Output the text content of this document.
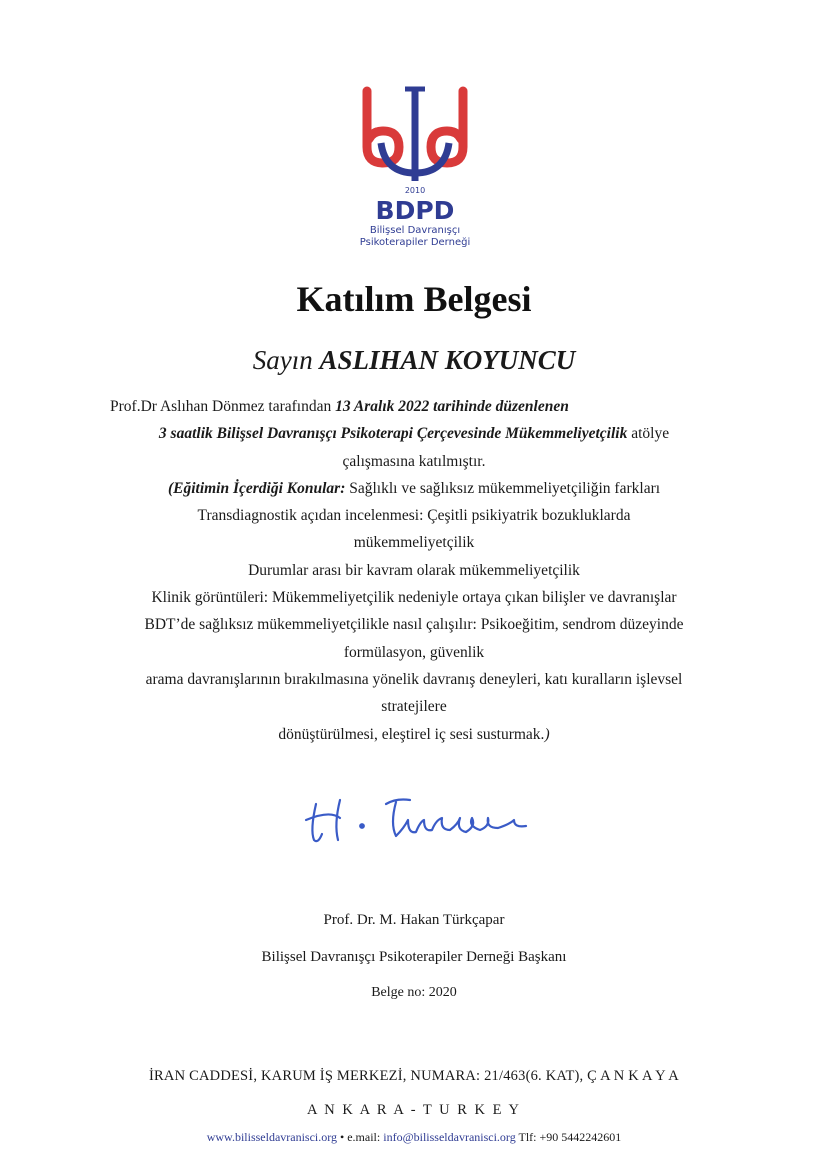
2010
BDPD
Bilişsel Davranışçı
Psikoterapiler Derneği
Katılım Belgesi
Sayın ASLIHAN KOYUNCU
Prof.Dr Aslıhan Dönmez tarafından 13 Aralık 2022 tarihinde düzenlenen
3 saatlik Bilişsel Davranışçı Psikoterapi Çerçevesinde Mükemmeliyetçilik atölye
çalışmasına katılmıştır.
(Eğitimin İçerdiği Konular: Sağlıklı ve sağlıksız mükemmeliyetçiliğin farkları
Transdiagnostik açıdan incelenmesi: Çeşitli psikiyatrik bozukluklarda
mükemmeliyetçilik
Durumlar arası bir kavram olarak mükemmeliyetçilik
Klinik görüntüleri: Mükemmeliyetçilik nedeniyle ortaya çıkan bilişler ve davranışlar
BDT’de sağlıksız mükemmeliyetçilikle nasıl çalışılır: Psikoeğitim, sendrom düzeyinde
formülasyon, güvenlik
arama davranışlarının bırakılmasına yönelik davranış deneyleri, katı kuralların işlevsel
stratejilere
dönüştürülmesi, eleştirel iç sesi susturmak.)
Prof. Dr. M. Hakan Türkçapar
Bilişsel Davranışçı Psikoterapiler Derneği Başkanı
Belge no: 2020
İRAN CADDESİ, KARUM İŞ MERKEZİ, NUMARA: 21/463(6. KAT), Ç A N K A Y A
A N K A R A - T U R K E Y
www.bilisseldavranisci.org • e.mail: info@bilisseldavranisci.org Tlf: +90 5442242601
